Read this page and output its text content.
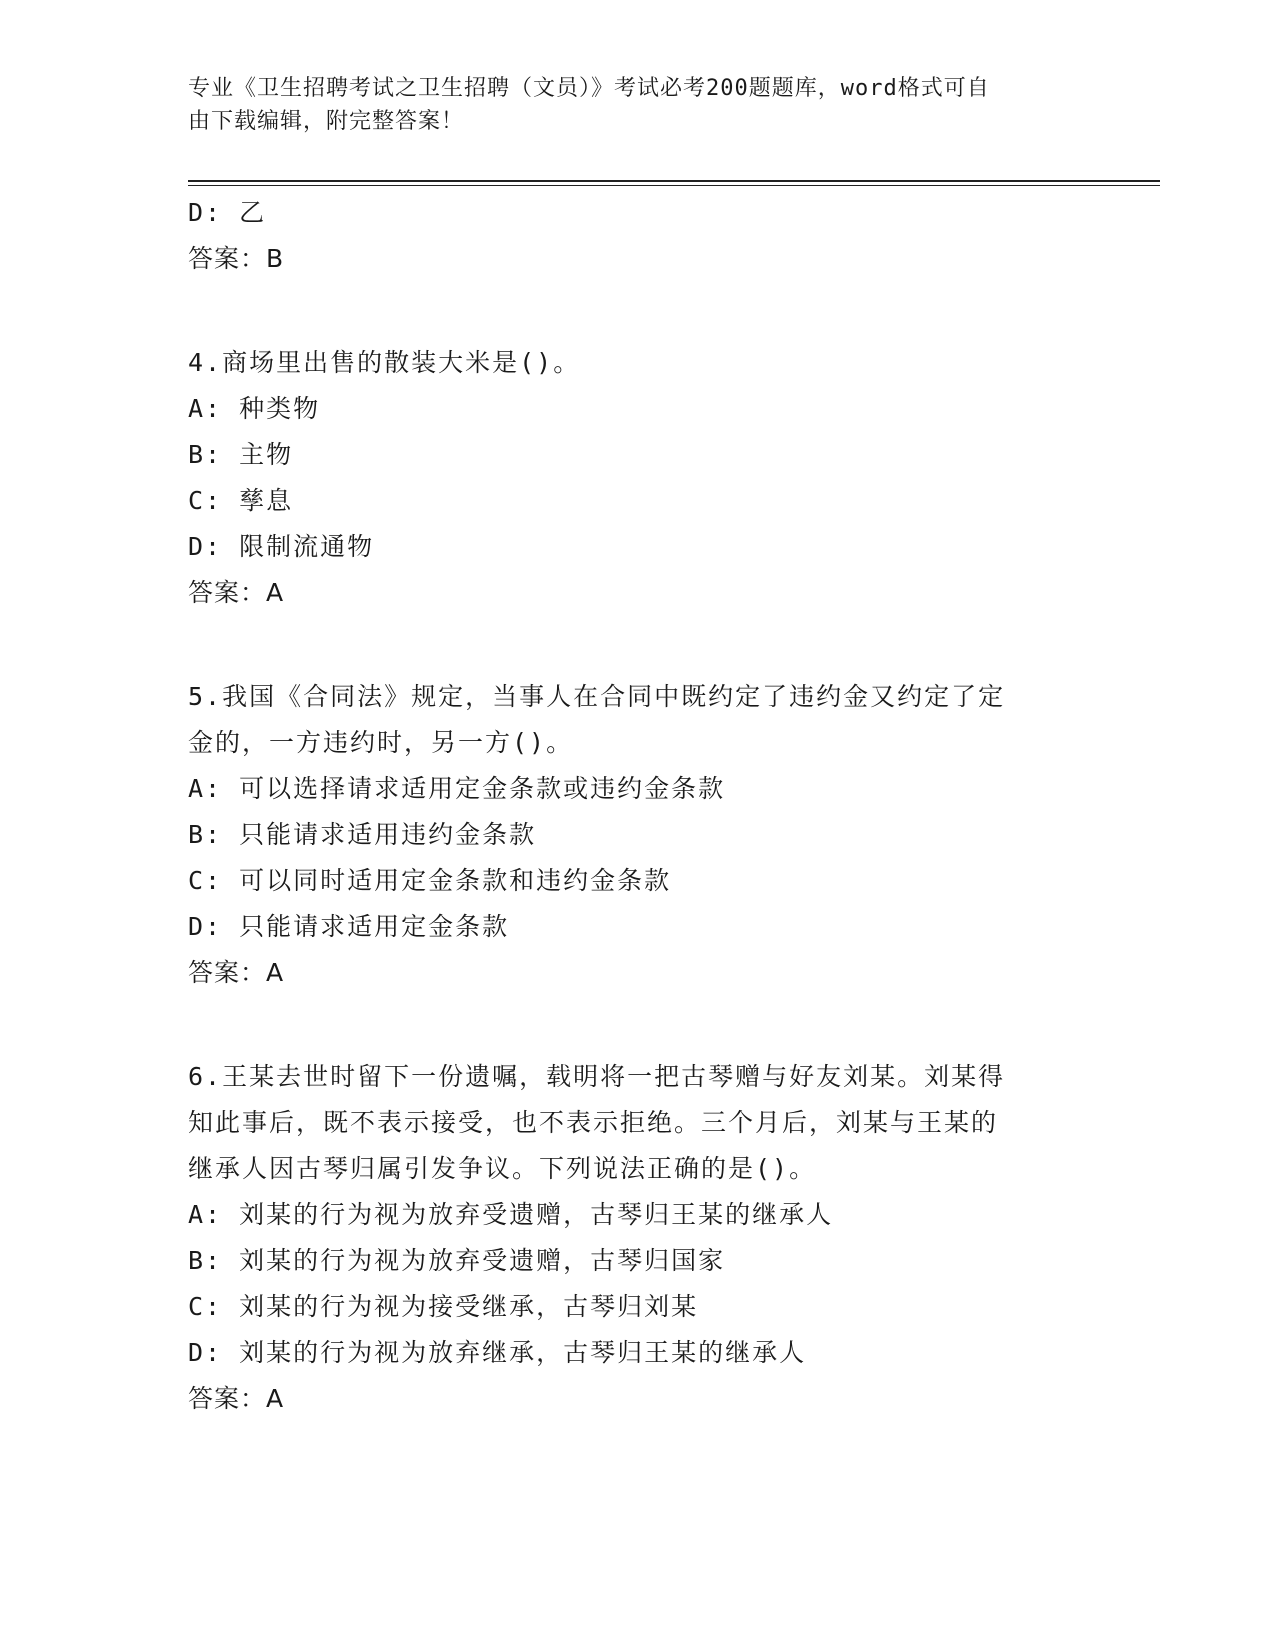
专业《卫生招聘考试之卫生招聘（文员）》考试必考200题题库，word格式可自
由下载编辑，附完整答案！
D: 乙
答案：B
4.商场里出售的散装大米是()。
A: 种类物
B: 主物
C: 孳息
D: 限制流通物
答案：A
5.我国《合同法》规定，当事人在合同中既约定了违约金又约定了定
金的，一方违约时，另一方()。
A: 可以选择请求适用定金条款或违约金条款
B: 只能请求适用违约金条款
C: 可以同时适用定金条款和违约金条款
D: 只能请求适用定金条款
答案：A
6.王某去世时留下一份遗嘱，载明将一把古琴赠与好友刘某。刘某得
知此事后，既不表示接受，也不表示拒绝。三个月后，刘某与王某的
继承人因古琴归属引发争议。下列说法正确的是()。
A: 刘某的行为视为放弃受遗赠，古琴归王某的继承人
B: 刘某的行为视为放弃受遗赠，古琴归国家
C: 刘某的行为视为接受继承，古琴归刘某
D: 刘某的行为视为放弃继承，古琴归王某的继承人
答案：A
